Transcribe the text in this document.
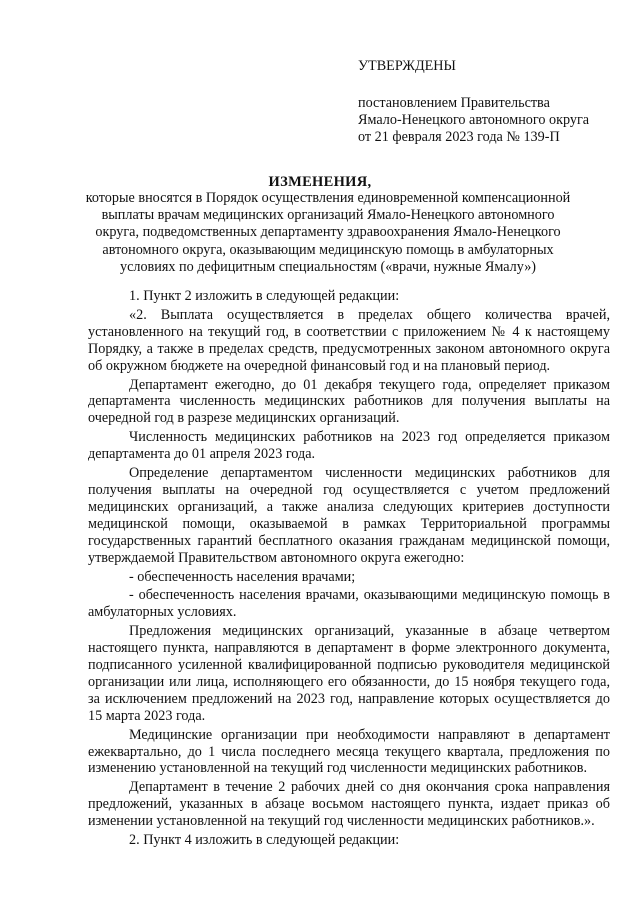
УТВЕРЖДЕНЫ
постановлением Правительства
Ямало-Ненецкого автономного округа
от 21 февраля 2023 года № 139-П
ИЗМЕНЕНИЯ,
которые вносятся в Порядок осуществления единовременной компенсационной выплаты врачам медицинских организаций Ямало-Ненецкого автономного округа, подведомственных департаменту здравоохранения Ямало-Ненецкого автономного округа, оказывающим медицинскую помощь в амбулаторных условиях по дефицитным специальностям («врачи, нужные Ямалу»)

1. Пункт 2 изложить в следующей редакции:

«2. Выплата осуществляется в пределах общего количества врачей, установленного на текущий год, в соответствии с приложением № 4 к настоящему Порядку, а также в пределах средств, предусмотренных законом автономного округа об окружном бюджете на очередной финансовый год и на плановый период.

Департамент ежегодно, до 01 декабря текущего года, определяет приказом департамента численность медицинских работников для получения выплаты на очередной год в разрезе медицинских организаций.

Численность медицинских работников на 2023 год определяется приказом департамента до 01 апреля 2023 года.

Определение департаментом численности медицинских работников для получения выплаты на очередной год осуществляется с учетом предложений медицинских организаций, а также анализа следующих критериев доступности медицинской помощи, оказываемой в рамках Территориальной программы государственных гарантий бесплатного оказания гражданам медицинской помощи, утверждаемой Правительством автономного округа ежегодно:

- обеспеченность населения врачами;

- обеспеченность населения врачами, оказывающими медицинскую помощь в амбулаторных условиях.

Предложения медицинских организаций, указанные в абзаце четвертом настоящего пункта, направляются в департамент в форме электронного документа, подписанного усиленной квалифицированной подписью руководителя медицинской организации или лица, исполняющего его обязанности, до 15 ноября текущего года, за исключением предложений на 2023 год, направление которых осуществляется до 15 марта 2023 года.

Медицинские организации при необходимости направляют в департамент ежеквартально, до 1 числа последнего месяца текущего квартала, предложения по изменению установленной на текущий год численности медицинских работников.

Департамент в течение 2 рабочих дней со дня окончания срока направления предложений, указанных в абзаце восьмом настоящего пункта, издает приказ об изменении установленной на текущий год численности медицинских работников.».

2. Пункт 4 изложить в следующей редакции:
